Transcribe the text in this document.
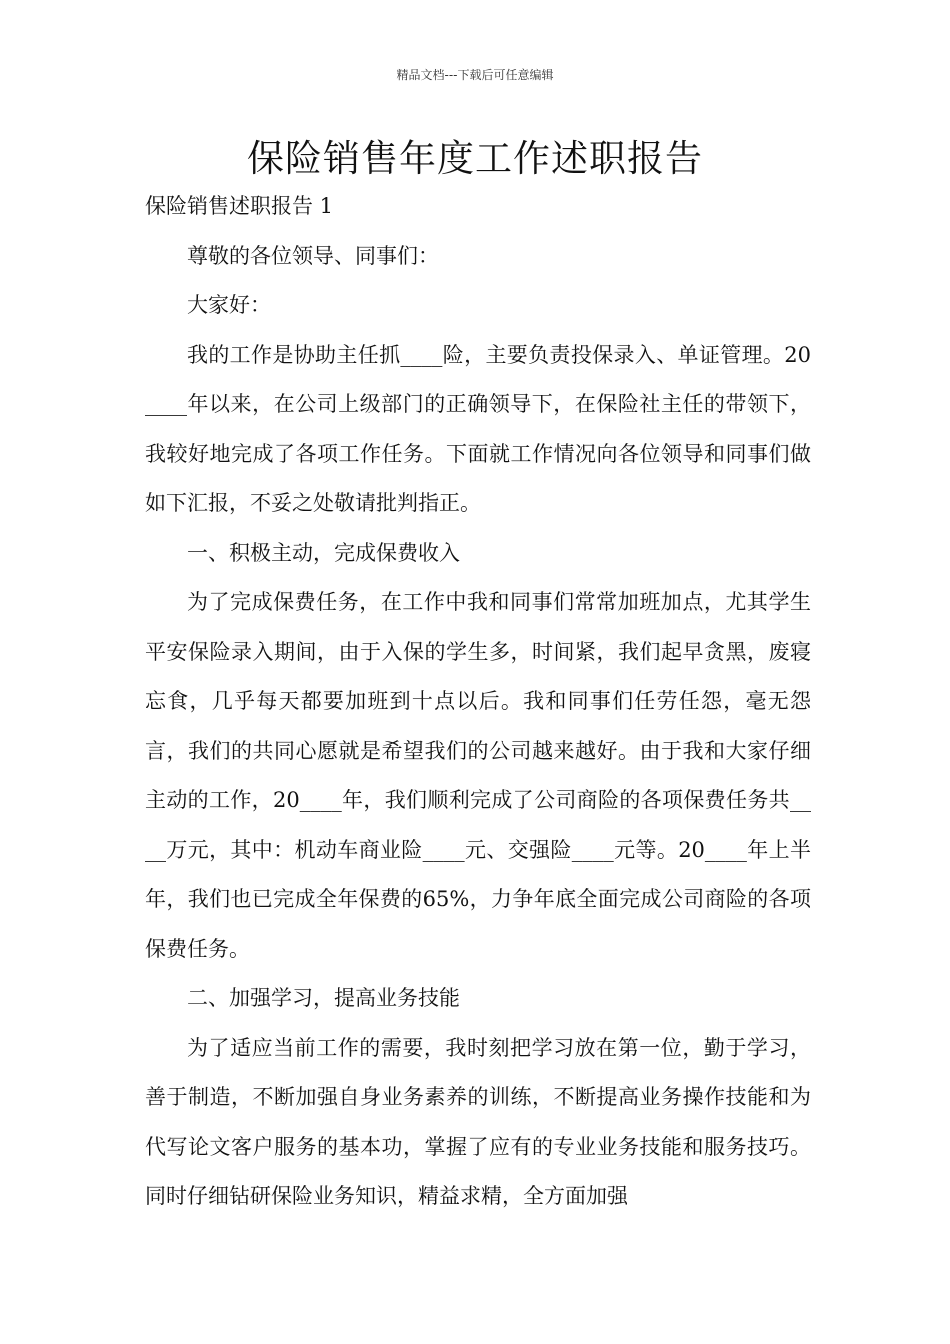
精品文档---下载后可任意编辑
保险销售年度工作述职报告

保险销售述职报告 1

尊敬的各位领导、同事们：

大家好：

我的工作是协助主任抓____险，主要负责投保录入、单证管理。20____年以来，在公司上级部门的正确领导下，在保险社主任的带领下，我较好地完成了各项工作任务。下面就工作情况向各位领导和同事们做如下汇报，不妥之处敬请批判指正。

一、积极主动，完成保费收入

为了完成保费任务，在工作中我和同事们常常加班加点，尤其学生平安保险录入期间，由于入保的学生多，时间紧，我们起早贪黑，废寝忘食，几乎每天都要加班到十点以后。我和同事们任劳任怨，毫无怨言，我们的共同心愿就是希望我们的公司越来越好。由于我和大家仔细主动的工作，20____年，我们顺利完成了公司商险的各项保费任务共____万元，其中：机动车商业险____元、交强险____元等。20____年上半年，我们也已完成全年保费的65%，力争年底全面完成公司商险的各项保费任务。

二、加强学习，提高业务技能

为了适应当前工作的需要，我时刻把学习放在第一位，勤于学习，善于制造，不断加强自身业务素养的训练，不断提高业务操作技能和为代写论文客户服务的基本功，掌握了应有的专业业务技能和服务技巧。同时仔细钻研保险业务知识，精益求精，全方面加强
